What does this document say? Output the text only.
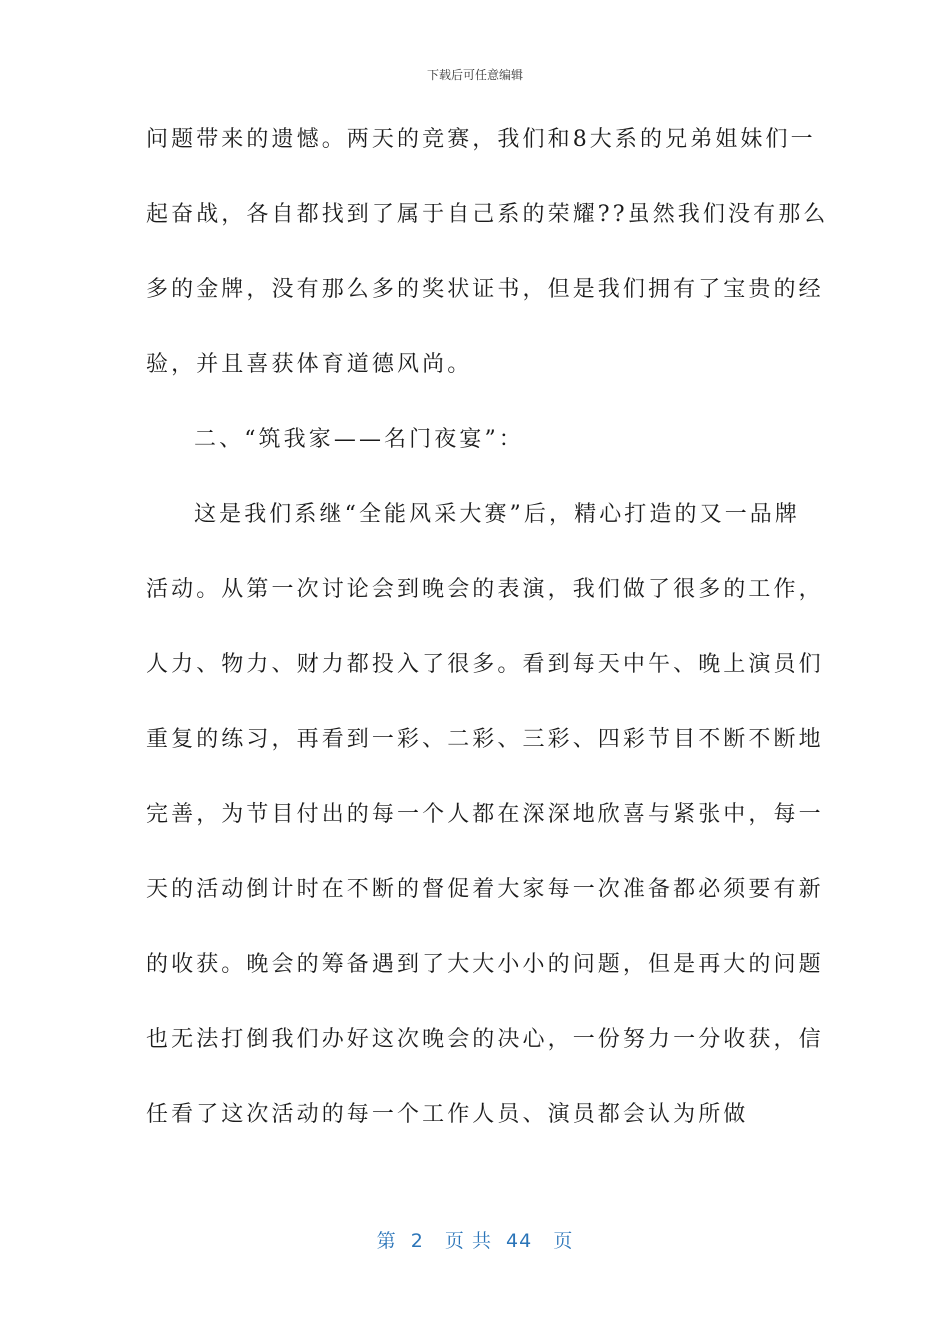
下载后可任意编辑
问题带来的遗憾。两天的竞赛，我们和8大系的兄弟姐妹们一
起奋战，各自都找到了属于自己系的荣耀??虽然我们没有那么
多的金牌，没有那么多的奖状证书，但是我们拥有了宝贵的经
验，并且喜获体育道德风尚。
二、“筑我家——名门夜宴”：
这是我们系继“全能风采大赛”后，精心打造的又一品牌
活动。从第一次讨论会到晚会的表演，我们做了很多的工作，
人力、物力、财力都投入了很多。看到每天中午、晚上演员们
重复的练习，再看到一彩、二彩、三彩、四彩节目不断不断地
完善，为节目付出的每一个人都在深深地欣喜与紧张中，每一
天的活动倒计时在不断的督促着大家每一次准备都必须要有新
的收获。晚会的筹备遇到了大大小小的问题，但是再大的问题
也无法打倒我们办好这次晚会的决心，一份努力一分收获，信
任看了这次活动的每一个工作人员、演员都会认为所做
第  2   页 共  44   页
